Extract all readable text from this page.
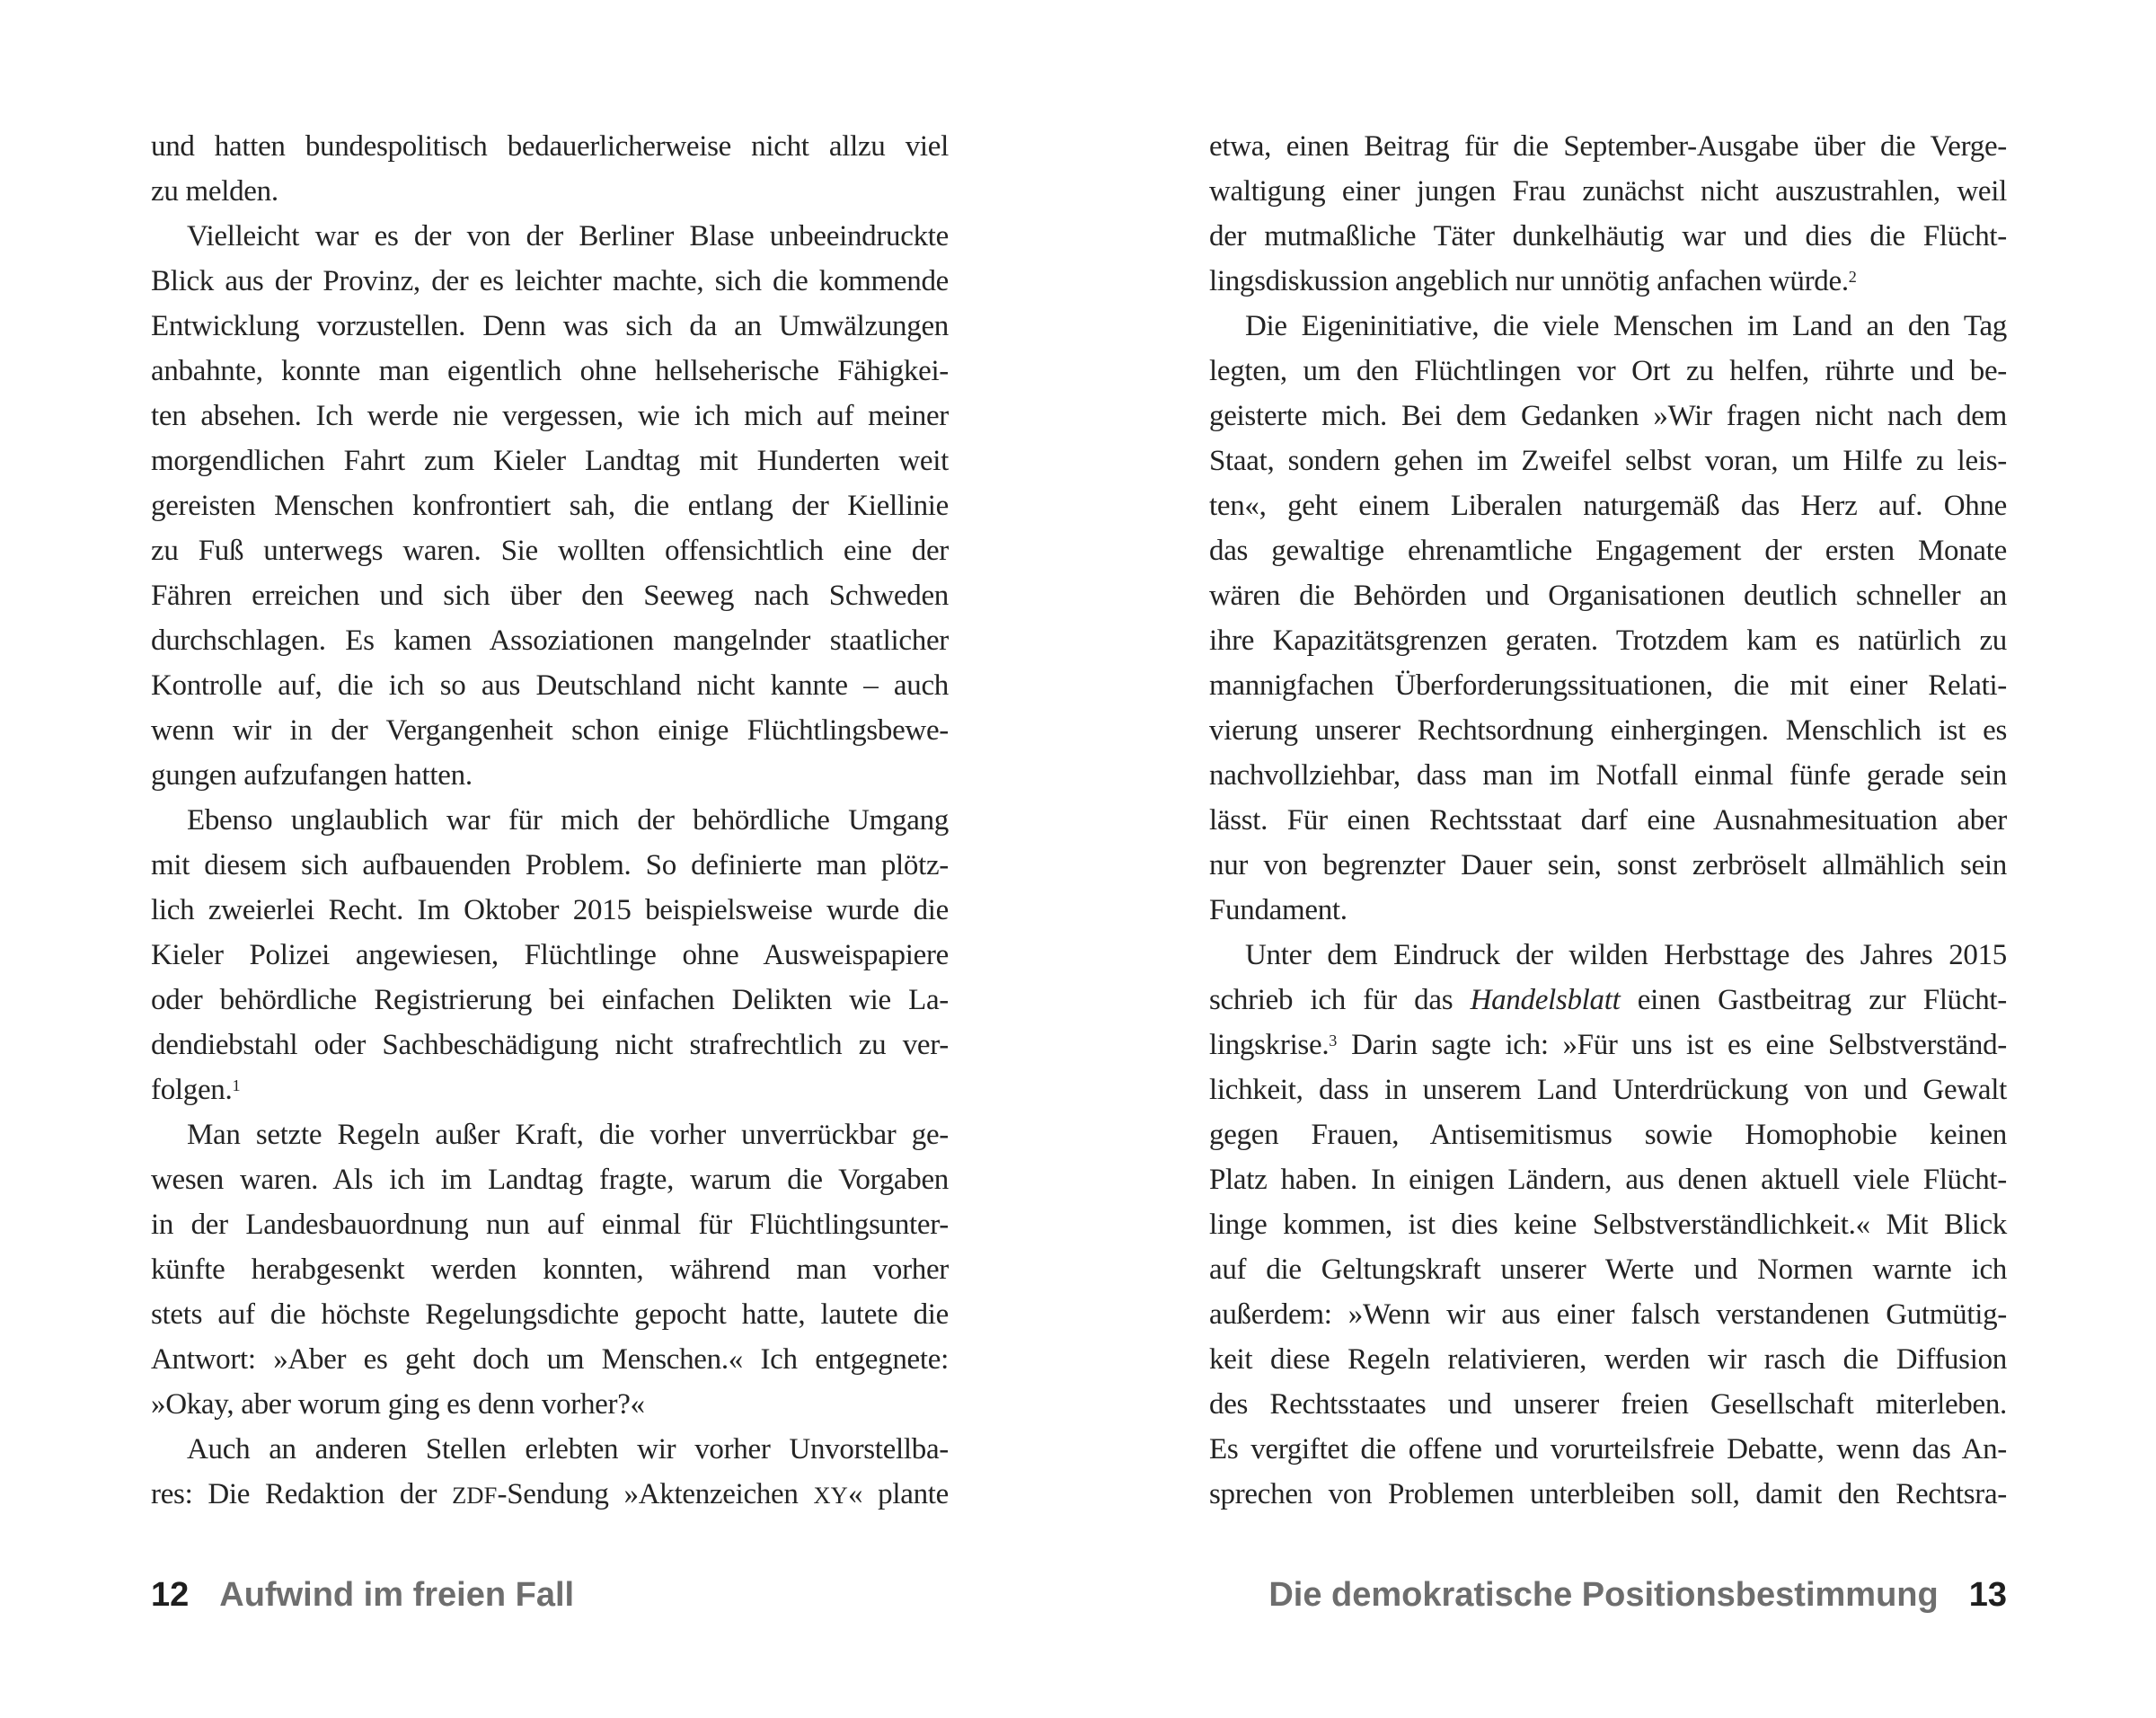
und hatten bundespolitisch bedauerlicherweise nicht allzu viel
zu melden.
Vielleicht war es der von der Berliner Blase unbeeindruckte
Blick aus der Provinz, der es leichter machte, sich die kommende
Entwicklung vorzustellen. Denn was sich da an Umwälzungen
anbahnte, konnte man eigentlich ohne hellseherische Fähigkei-
ten absehen. Ich werde nie vergessen, wie ich mich auf meiner
morgendlichen Fahrt zum Kieler Landtag mit Hunderten weit
gereisten Menschen konfrontiert sah, die entlang der Kiellinie
zu Fuß unterwegs waren. Sie wollten offensichtlich eine der
Fähren erreichen und sich über den Seeweg nach Schweden
durchschlagen. Es kamen Assoziationen mangelnder staatlicher
Kontrolle auf, die ich so aus Deutschland nicht kannte – auch
wenn wir in der Vergangenheit schon einige Flüchtlingsbewe-
gungen aufzufangen hatten.
Ebenso unglaublich war für mich der behördliche Umgang
mit diesem sich aufbauenden Problem. So definierte man plötz-
lich zweierlei Recht. Im Oktober 2015 beispielsweise wurde die
Kieler Polizei angewiesen, Flüchtlinge ohne Ausweispapiere
oder behördliche Registrierung bei einfachen Delikten wie La-
dendiebstahl oder Sachbeschädigung nicht strafrechtlich zu ver-
folgen.$^1$
Man setzte Regeln außer Kraft, die vorher unverrückbar ge-
wesen waren. Als ich im Landtag fragte, warum die Vorgaben
in der Landesbauordnung nun auf einmal für Flüchtlingsunter-
künfte herabgesenkt werden konnten, während man vorher
stets auf die höchste Regelungsdichte gepocht hatte, lautete die
Antwort: »Aber es geht doch um Menschen.« Ich entgegnete:
»Okay, aber worum ging es denn vorher?«
Auch an anderen Stellen erlebten wir vorher Unvorstellba-
res: Die Redaktion der ZDF-Sendung »Aktenzeichen XY« plante
etwa, einen Beitrag für die September-Ausgabe über die Verge-
waltigung einer jungen Frau zunächst nicht auszustrahlen, weil
der mutmaßliche Täter dunkelhäutig war und dies die Flücht-
lingsdiskussion angeblich nur unnötig anfachen würde.$^2$
Die Eigeninitiative, die viele Menschen im Land an den Tag
legten, um den Flüchtlingen vor Ort zu helfen, rührte und be-
geisterte mich. Bei dem Gedanken »Wir fragen nicht nach dem
Staat, sondern gehen im Zweifel selbst voran, um Hilfe zu leis-
ten«, geht einem Liberalen naturgemäß das Herz auf. Ohne
das gewaltige ehrenamtliche Engagement der ersten Monate
wären die Behörden und Organisationen deutlich schneller an
ihre Kapazitätsgrenzen geraten. Trotzdem kam es natürlich zu
mannigfachen Überforderungssituationen, die mit einer Relati-
vierung unserer Rechtsordnung einhergingen. Menschlich ist es
nachvollziehbar, dass man im Notfall einmal fünfe gerade sein
lässt. Für einen Rechtsstaat darf eine Ausnahmesituation aber
nur von begrenzter Dauer sein, sonst zerbröselt allmählich sein
Fundament.
Unter dem Eindruck der wilden Herbsttage des Jahres 2015
schrieb ich für das Handelsblatt einen Gastbeitrag zur Flücht-
lingskrise.$^3$ Darin sagte ich: »Für uns ist es eine Selbstverständ-
lichkeit, dass in unserem Land Unterdrückung von und Gewalt
gegen Frauen, Antisemitismus sowie Homophobie keinen
Platz haben. In einigen Ländern, aus denen aktuell viele Flücht-
linge kommen, ist dies keine Selbstverständlichkeit.« Mit Blick
auf die Geltungskraft unserer Werte und Normen warnte ich
außerdem: »Wenn wir aus einer falsch verstandenen Gutmütig-
keit diese Regeln relativieren, werden wir rasch die Diffusion
des Rechtsstaates und unserer freien Gesellschaft miterleben.
Es vergiftet die offene und vorurteilsfreie Debatte, wenn das An-
sprechen von Problemen unterbleiben soll, damit den Rechtsra-
12 Aufwind im freien Fall	Die demokratische Positionsbestimmung 13
